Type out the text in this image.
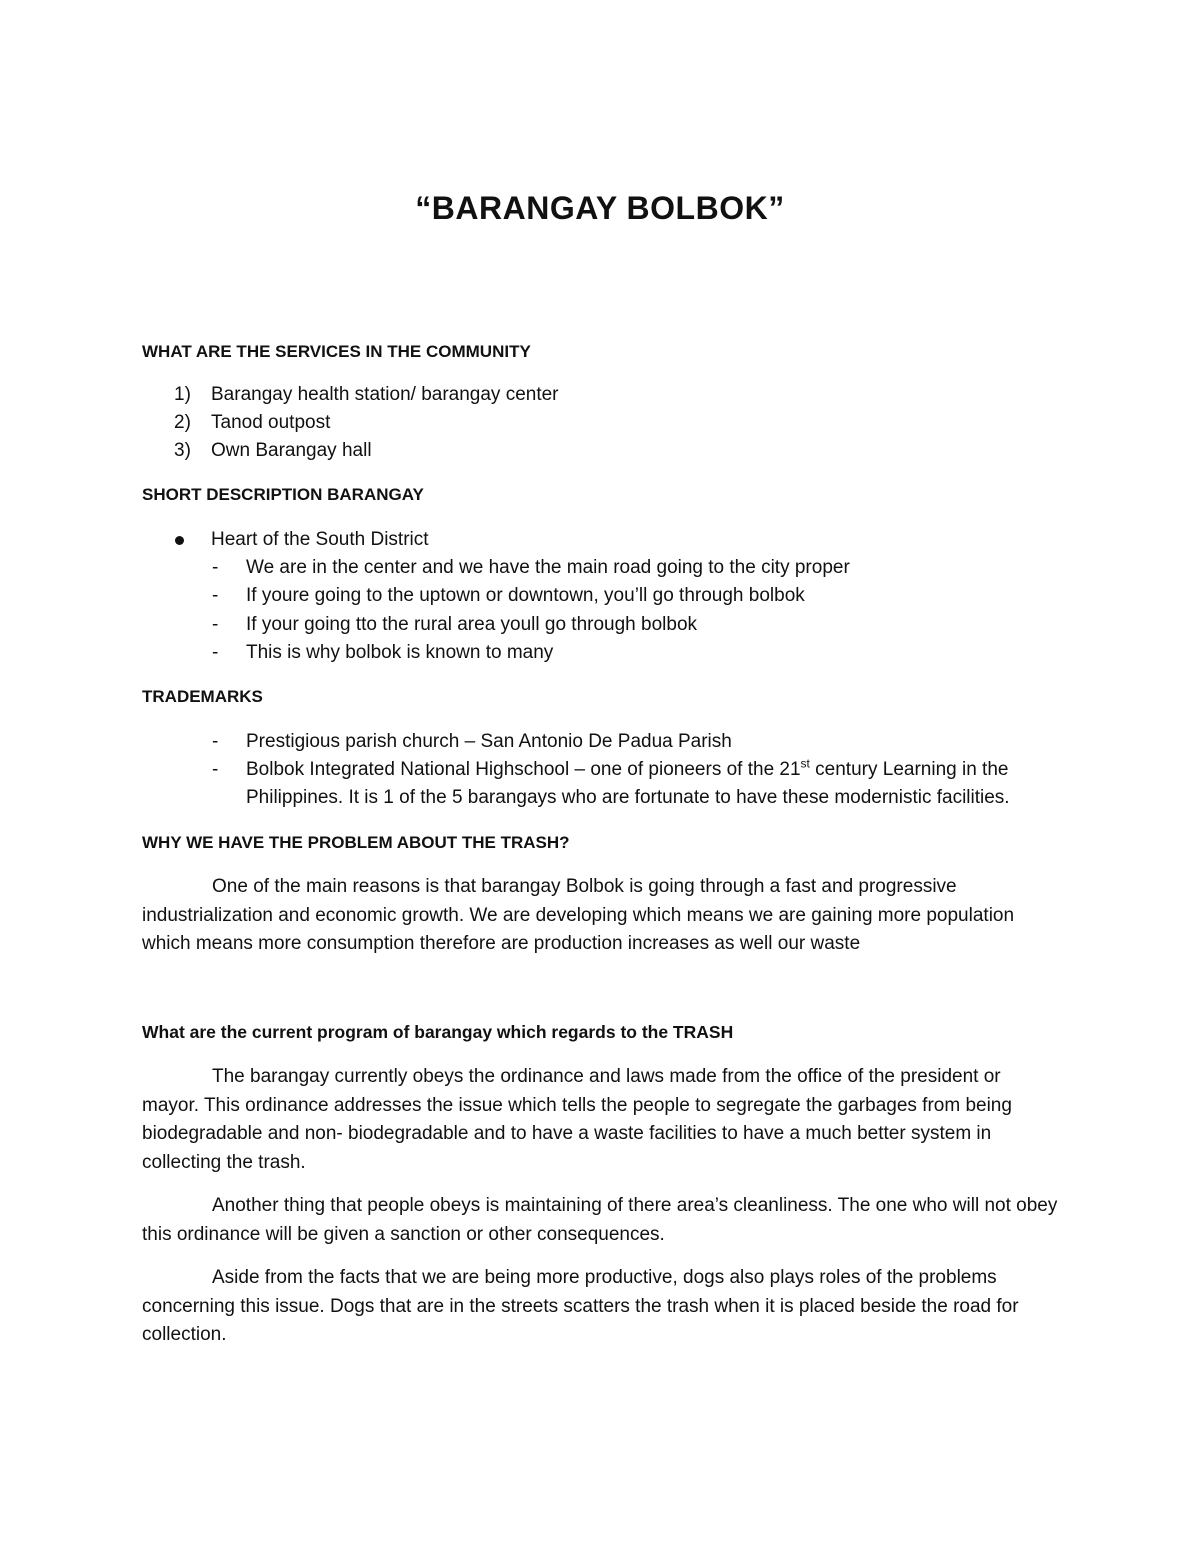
“BARANGAY BOLBOK”
WHAT ARE THE SERVICES IN THE COMMUNITY
1) Barangay health station/ barangay center
2) Tanod outpost
3) Own Barangay hall
SHORT DESCRIPTION BARANGAY
Heart of the South District
- We are in the center and we have the main road going to the city proper
- If youre going to the uptown or downtown, you’ll go through bolbok
- If your going tto the rural area youll go through bolbok
- This is why bolbok is known to many
TRADEMARKS
- Prestigious parish church – San Antonio De Padua Parish
- Bolbok Integrated National Highschool – one of pioneers of the 21st century Learning in the
Philippines. It is 1 of the 5 barangays who are fortunate to have these modernistic facilities.
WHY WE HAVE THE PROBLEM ABOUT THE TRASH?

One of the main reasons is that barangay Bolbok is going through a fast and progressive industrialization and economic growth. We are developing which means we are gaining more population which means more consumption therefore are production increases as well our waste

What are the current program of barangay which regards to the TRASH

The barangay currently obeys the ordinance and laws made from the office of the president or mayor. This ordinance addresses the issue which tells the people to segregate the garbages from being biodegradable and non- biodegradable and to have a waste facilities to have a much better system in collecting the trash.

Another thing that people obeys is maintaining of there area’s cleanliness. The one who will not obey this ordinance will be given a sanction or other consequences.

Aside from the facts that we are being more productive, dogs also plays roles of the problems concerning this issue. Dogs that are in the streets scatters the trash when it is placed beside the road for collection.
